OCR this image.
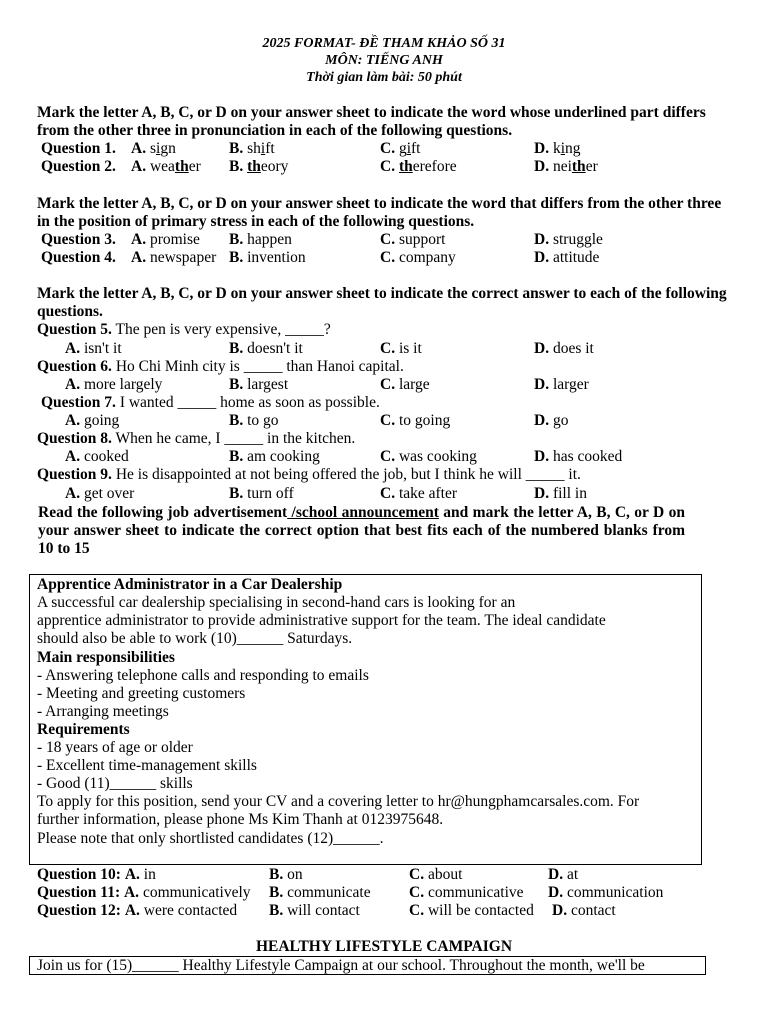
2025 FORMAT- ĐỀ THAM KHẢO SỐ 31
MÔN: TIẾNG ANH
Thời gian làm bài: 50 phút
Mark the letter A, B, C, or D on your answer sheet to indicate the word whose underlined part differs from the other three in pronunciation in each of the following questions.
Question 1. A. sign	B. shift	C. gift	D. king
Question 2. A. weather B. theory	C. therefore	D. neither
Mark the letter A, B, C, or D on your answer sheet to indicate the word that differs from the other three in the position of primary stress in each of the following questions.
Question 3. A. promise B. happen	C. support	D. struggle
Question 4. A. newspaper B. invention	C. company	D. attitude
Mark the letter A, B, C, or D on your answer sheet to indicate the correct answer to each of the following questions.
Question 5. The pen is very expensive, _____?
A. isn't it	B. doesn't it	C. is it	D. does it
Question 6. Ho Chi Minh city is _____ than Hanoi capital.
A. more largely	B. largest	C. large	D. larger
Question 7. I wanted _____ home as soon as possible.
A. going	B. to go	C. to going	D. go
Question 8. When he came, I _____ in the kitchen.
A. cooked	B. am cooking	C. was cooking	D. has cooked
Question 9. He is disappointed at not being offered the job, but I think he will _____ it.
A. get over	B. turn off	C. take after	D. fill in
Read the following job advertisement /school announcement and mark the letter A, B, C, or D on your answer sheet to indicate the correct option that best fits each of the numbered blanks from 10 to 15
Apprentice Administrator in a Car Dealership
A successful car dealership specialising in second-hand cars is looking for an
apprentice administrator to provide administrative support for the team. The ideal candidate
should also be able to work (10)______ Saturdays.
Main responsibilities
- Answering telephone calls and responding to emails
- Meeting and greeting customers
- Arranging meetings
Requirements
- 18 years of age or older
- Excellent time-management skills
- Good (11)______ skills
To apply for this position, send your CV and a covering letter to hr@hungphamcarsales.com. For
further information, please phone Ms Kim Thanh at 0123975648.
Please note that only shortlisted candidates (12)______.
Question 10: A. in	B. on	C. about	D. at
Question 11: A. communicatively B. communicate C. communicative D. communication
Question 12: A. were contacted B. will contact	C. will be contacted D. contact
HEALTHY LIFESTYLE CAMPAIGN
Join us for (15)______ Healthy Lifestyle Campaign at our school. Throughout the month, we'll be
